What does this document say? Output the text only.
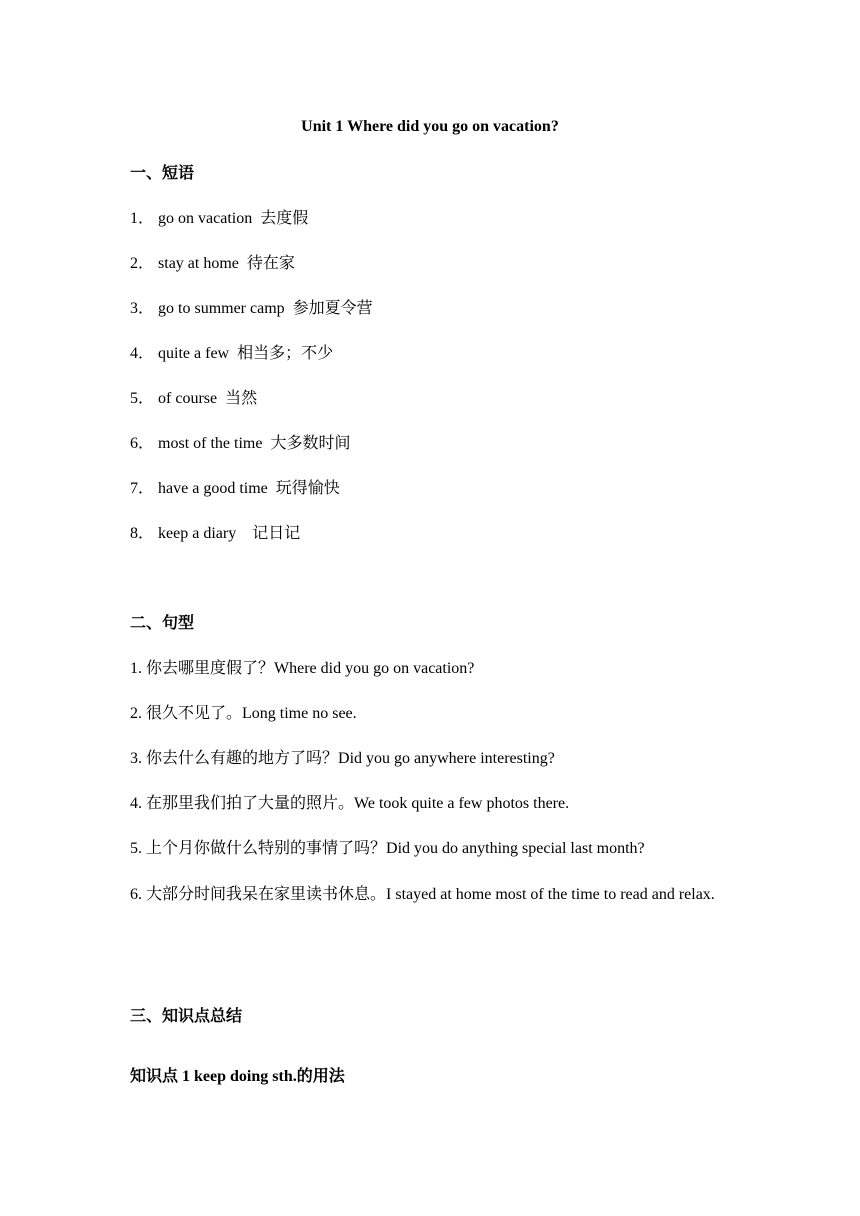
Unit 1 Where did you go on vacation?
一、短语
1． go on vacation 去度假
2． stay at home 待在家
3． go to summer camp 参加夏令营
4． quite a few 相当多；不少
5． of course 当然
6． most of the time 大多数时间
7． have a good time 玩得愉快
8． keep a diary 记日记
二、句型
1. 你去哪里度假了？Where did you go on vacation?
2. 很久不见了。Long time no see.
3. 你去什么有趣的地方了吗？Did you go anywhere interesting?
4. 在那里我们拍了大量的照片。We took quite a few photos there.
5. 上个月你做什么特别的事情了吗？Did you do anything special last month?
6. 大部分时间我呆在家里读书休息。I stayed at home most of the time to read and relax.
三、知识点总结
知识点 1 keep doing sth.的用法
